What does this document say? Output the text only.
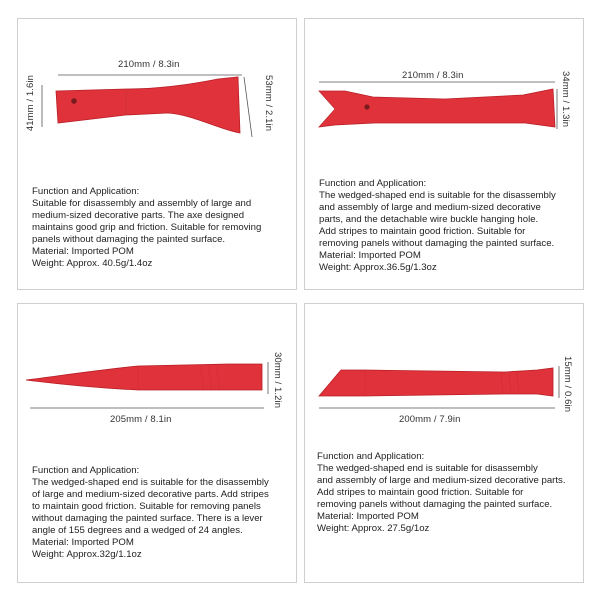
210mm / 8.3in
41mm / 1.6in	53mm / 2.1in
Function and Application:
Suitable for disassembly and assembly of large and
medium-sized decorative parts. The axe designed
maintains good grip and friction. Suitable for removing
panels without damaging the painted surface.
Material: Imported POM
Weight: Approx. 40.5g/1.4oz
210mm / 8.3in	34mm / 1.3in
Function and Application:
The wedged-shaped end is suitable for the disassembly
and assembly of large and medium-sized decorative
parts, and the detachable wire buckle hanging hole.
Add stripes to maintain good friction. Suitable for
removing panels without damaging the painted surface.
Material: Imported POM
Weight: Approx.36.5g/1.3oz
205mm / 8.1in
30mm / 1.2in
Function and Application:
The wedged-shaped end is suitable for the disassembly
of large and medium-sized decorative parts. Add stripes
to maintain good friction. Suitable for removing panels
without damaging the painted surface. There is a lever
angle of 155 degrees and a wedged of 24 angles.
Material: Imported POM
Weight: Approx.32g/1.1oz
200mm / 7.9in
15mm / 0.6in
Function and Application:
The wedged-shaped end is suitable for disassembly
and assembly of large and medium-sized decorative parts.
Add stripes to maintain good friction. Suitable for
removing panels without damaging the painted surface.
Material: Imported POM
Weight: Approx. 27.5g/1oz
